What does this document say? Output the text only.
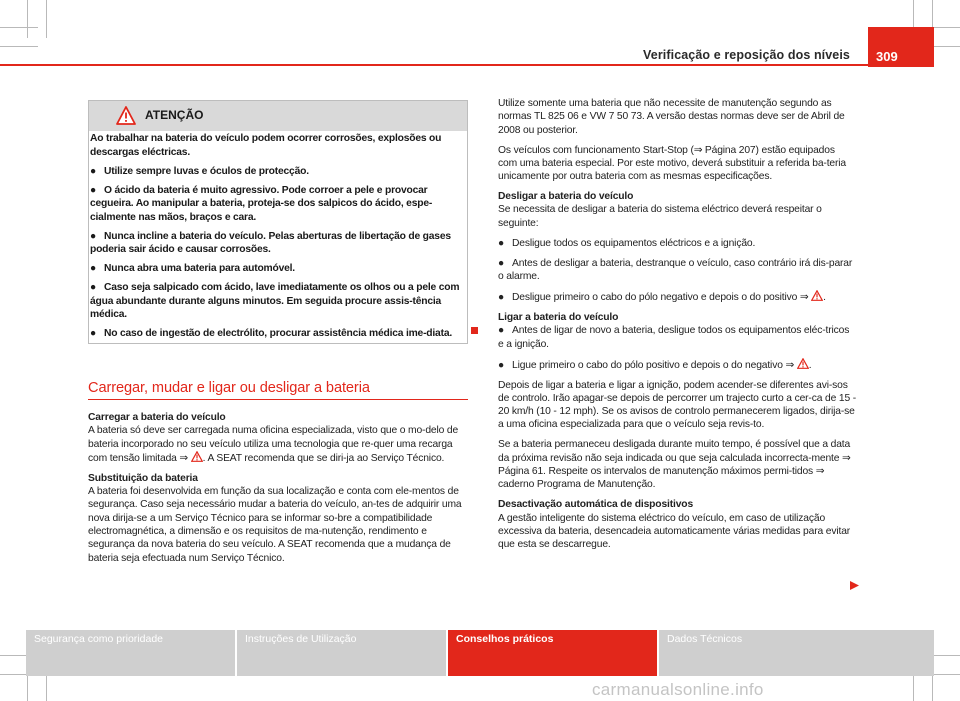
Verificação e reposição dos níveis 309
ATENÇÃO

Ao trabalhar na bateria do veículo podem ocorrer corrosões, explosões ou descargas eléctricas.

● Utilize sempre luvas e óculos de protecção.

● O ácido da bateria é muito agressivo. Pode corroer a pele e provocar cegueira. Ao manipular a bateria, proteja-se dos salpicos do ácido, espe-cialmente nas mãos, braços e cara.

● Nunca incline a bateria do veículo. Pelas aberturas de libertação de gases poderia sair ácido e causar corrosões.

● Nunca abra uma bateria para automóvel.

● Caso seja salpicado com ácido, lave imediatamente os olhos ou a pele com água abundante durante alguns minutos. Em seguida procure assis-tência médica.

● No caso de ingestão de electrólito, procurar assistência médica ime-diata.

Carregar, mudar e ligar ou desligar a bateria

Carregar a bateria do veículo

A bateria só deve ser carregada numa oficina especializada, visto que o mo-delo de bateria incorporado no seu veículo utiliza uma tecnologia que re-quer uma recarga com tensão limitada ⇒ . A SEAT recomenda que se diri-ja ao Serviço Técnico.

Substituição da bateria

A bateria foi desenvolvida em função da sua localização e conta com ele-mentos de segurança. Caso seja necessário mudar a bateria do veículo, an-tes de adquirir uma nova dirija-se a um Serviço Técnico para se informar so-bre a compatibilidade electromagnética, a dimensão e os requisitos de ma-nutenção, rendimento e segurança da nova bateria do seu veículo. A SEAT recomenda que a mudança de bateria seja efectuada num Serviço Técnico.

Utilize somente uma bateria que não necessite de manutenção segundo as normas TL 825 06 e VW 7 50 73. A versão destas normas deve ser de Abril de 2008 ou posterior.

Os veículos com funcionamento Start-Stop (⇒ Página 207) estão equipados com uma bateria especial. Por este motivo, deverá substituir a referida ba-teria unicamente por outra bateria com as mesmas especificações.

Desligar a bateria do veículo

Se necessita de desligar a bateria do sistema eléctrico deverá respeitar o seguinte:

● Desligue todos os equipamentos eléctricos e a ignição.

● Antes de desligar a bateria, destranque o veículo, caso contrário irá dis-parar o alarme.

● Desligue primeiro o cabo do pólo negativo e depois o do positivo ⇒ .

Ligar a bateria do veículo

● Antes de ligar de novo a bateria, desligue todos os equipamentos eléc-tricos e a ignição.

● Ligue primeiro o cabo do pólo positivo e depois o do negativo ⇒ .

Depois de ligar a bateria e ligar a ignição, podem acender-se diferentes avi-sos de controlo. Irão apagar-se depois de percorrer um trajecto curto a cer-ca de 15 - 20 km/h (10 - 12 mph). Se os avisos de controlo permanecerem ligados, dirija-se a uma oficina especializada para que o veículo seja revis-to.

Se a bateria permaneceu desligada durante muito tempo, é possível que a data da próxima revisão não seja indicada ou que seja calculada incorrecta-mente ⇒ Página 61. Respeite os intervalos de manutenção máximos permi-tidos ⇒ caderno Programa de Manutenção.

Desactivação automática de dispositivos

A gestão inteligente do sistema eléctrico do veículo, em caso de utilização excessiva da bateria, desencadeia automaticamente várias medidas para evitar que esta se descarregue.

Segurança como prioridade	Instruções de Utilização	Conselhos práticos	Dados Técnicos
carmanualsonline.info
